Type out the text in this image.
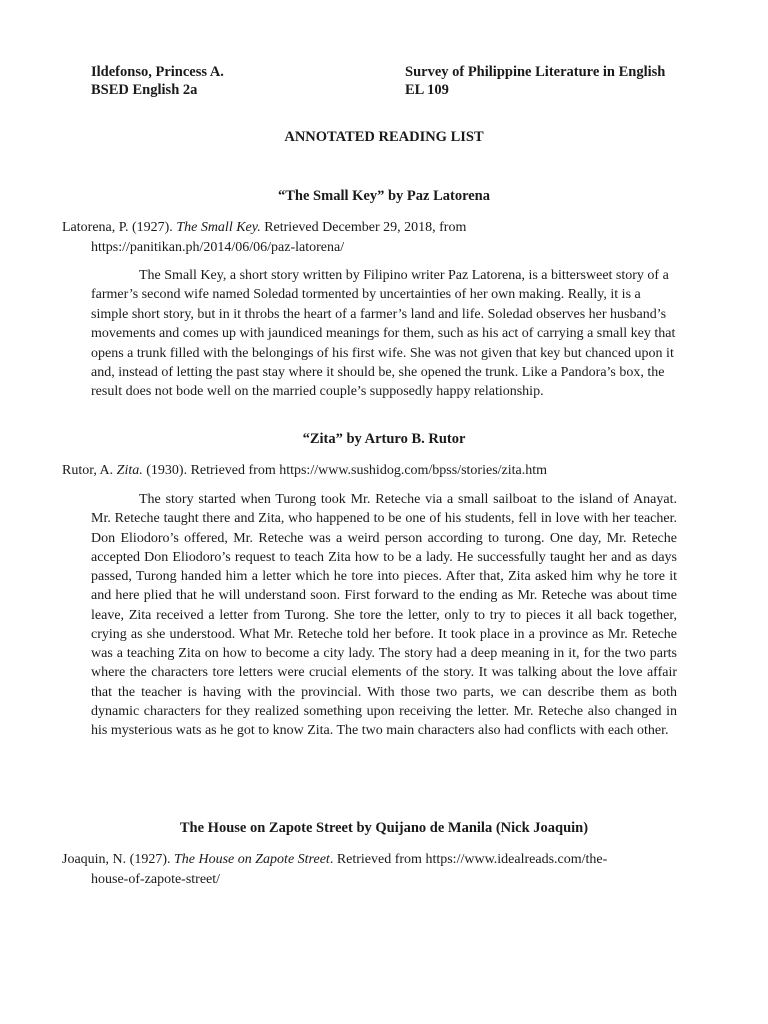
Ildefonso, Princess A.
BSED English 2a
Survey of Philippine Literature in English
EL 109
ANNOTATED READING LIST
“The Small Key” by Paz Latorena
Latorena, P. (1927). The Small Key. Retrieved December 29, 2018, from
https://panitikan.ph/2014/06/06/paz-latorena/
The Small Key, a short story written by Filipino writer Paz Latorena, is a bittersweet story of a farmer’s second wife named Soledad tormented by uncertainties of her own making. Really, it is a simple short story, but in it throbs the heart of a farmer’s land and life. Soledad observes her husband’s movements and comes up with jaundiced meanings for them, such as his act of carrying a small key that opens a trunk filled with the belongings of his first wife. She was not given that key but chanced upon it and, instead of letting the past stay where it should be, she opened the trunk. Like a Pandora’s box, the result does not bode well on the married couple’s supposedly happy relationship.
“Zita” by Arturo B. Rutor
Rutor, A. Zita. (1930). Retrieved from https://www.sushidog.com/bpss/stories/zita.htm
The story started when Turong took Mr. Reteche via a small sailboat to the island of Anayat. Mr. Reteche taught there and Zita, who happened to be one of his students, fell in love with her teacher. Don Eliodoro’s offered, Mr. Reteche was a weird person according to turong. One day, Mr. Reteche accepted Don Eliodoro’s request to teach Zita how to be a lady. He successfully taught her and as days passed, Turong handed him a letter which he tore into pieces. After that, Zita asked him why he tore it and here plied that he will understand soon. First forward to the ending as Mr. Reteche was about time leave, Zita received a letter from Turong. She tore the letter, only to try to pieces it all back together, crying as she understood. What Mr. Reteche told her before. It took place in a province as Mr. Reteche was a teaching Zita on how to become a city lady. The story had a deep meaning in it, for the two parts where the characters tore letters were crucial elements of the story. It was talking about the love affair that the teacher is having with the provincial. With those two parts, we can describe them as both dynamic characters for they realized something upon receiving the letter. Mr. Reteche also changed in his mysterious wats as he got to know Zita. The two main characters also had conflicts with each other.
The House on Zapote Street by Quijano de Manila (Nick Joaquin)
Joaquin, N. (1927). The House on Zapote Street. Retrieved from https://www.idealreads.com/the-
house-of-zapote-street/
